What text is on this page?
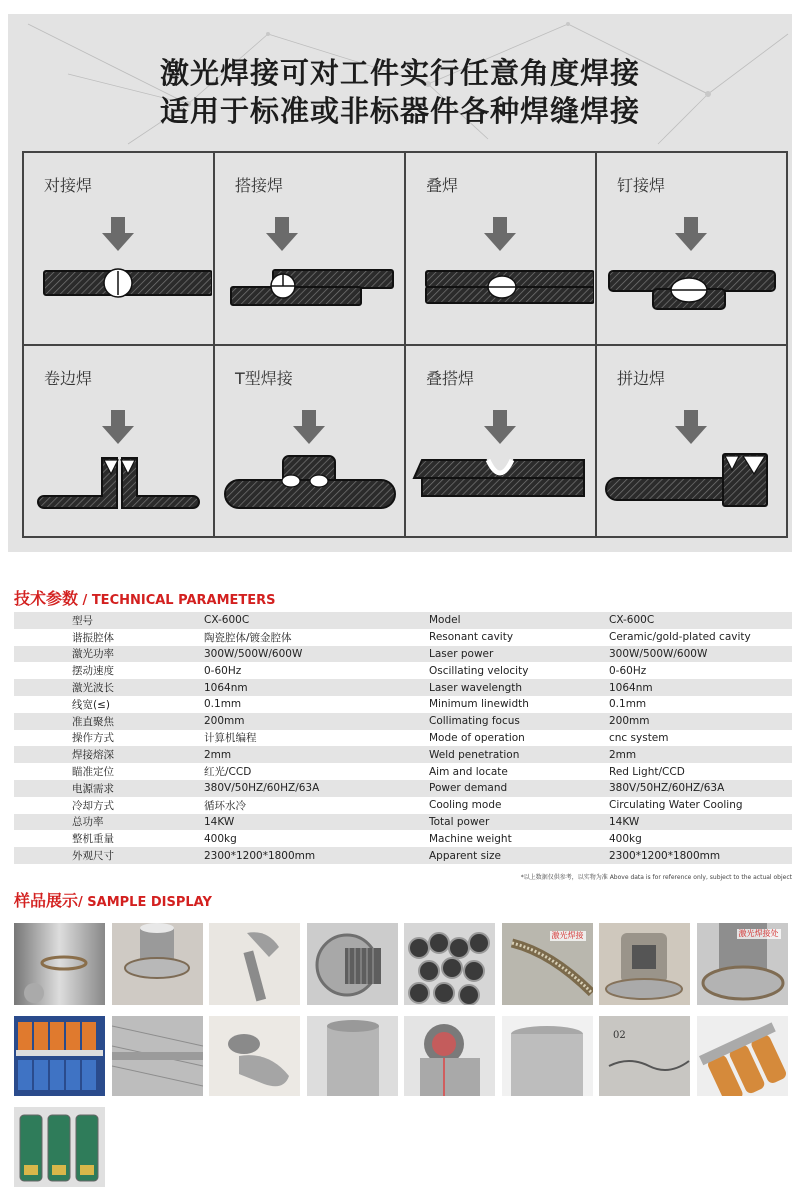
激光焊接可对工件实行任意角度焊接
适用于标准或非标器件各种焊缝焊接
对接焊	搭接焊	叠焊	钉接焊
卷边焊	T型焊接	叠搭焊	拼边焊
技术参数 / TECHNICAL PARAMETERS
型号	CX-600C	Model	CX-600C
谐振腔体	陶瓷腔体/镀金腔体	Resonant cavity	Ceramic/gold-plated cavity
激光功率	300W/500W/600W	Laser power	300W/500W/600W
摆动速度	0-60Hz	Oscillating velocity	0-60Hz
激光波长	1064nm	Laser wavelength	1064nm
线宽(≤)	0.1mm	Minimum linewidth	0.1mm
准直聚焦	200mm	Collimating focus	200mm
操作方式	计算机编程	Mode of operation	cnc system
焊接熔深	2mm	Weld penetration	2mm
瞄准定位	红光/CCD	Aim and locate	Red Light/CCD
电源需求	380V/50HZ/60HZ/63A	Power demand	380V/50HZ/60HZ/63A
冷却方式	循环水冷	Cooling mode	Circulating Water Cooling
总功率	14KW	Total power	14KW
整机重量	400kg	Machine weight	400kg
外观尺寸	2300*1200*1800mm	Apparent size	2300*1200*1800mm
*以上数据仅供参考，以实物为准 Above data is for reference only, subject to the actual object
样品展示/ SAMPLE DISPLAY
激光焊接	激光焊接处
02
